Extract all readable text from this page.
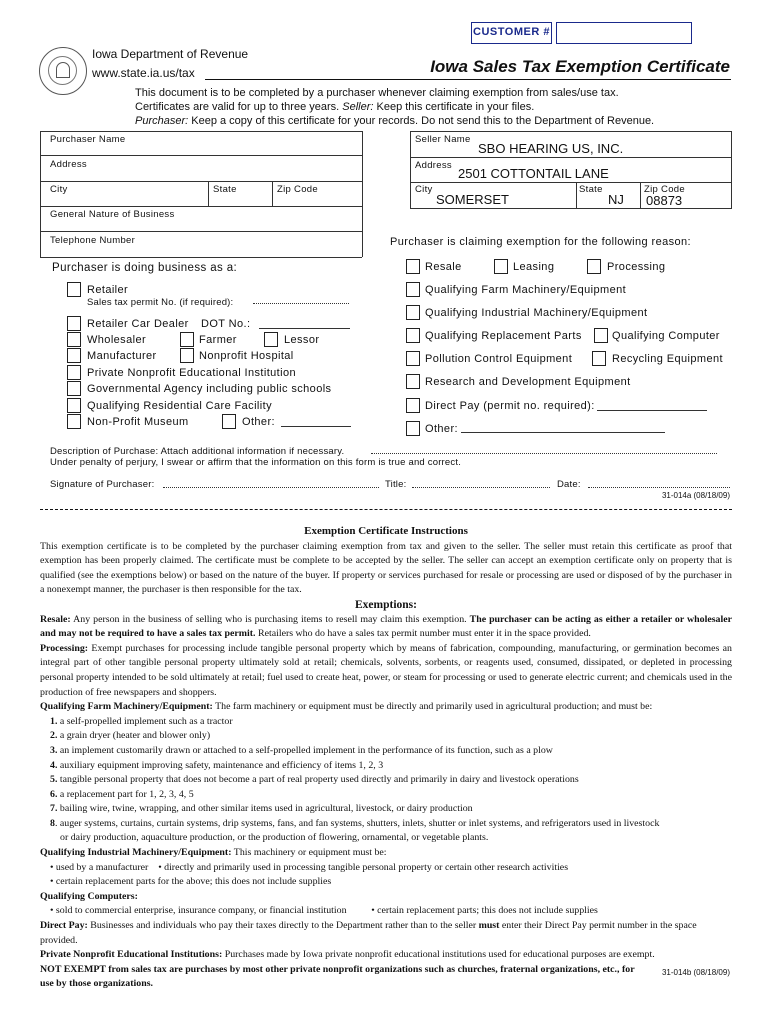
CUSTOMER #
Iowa Department of Revenue
www.state.ia.us/tax	Iowa Sales Tax Exemption Certificate
This document is to be completed by a purchaser whenever claiming exemption from sales/use tax.
Certificates are valid for up to three years. Seller: Keep this certificate in your files.
Purchaser: Keep a copy of this certificate for your records. Do not send this to the Department of Revenue.
Purchaser Name
Address
City	State	Zip Code
General Nature of Business
Telephone Number
Seller Name
SBO HEARING US, INC.
Address
2501 COTTONTAIL LANE
City
SOMERSET
State
NJ
Zip Code
08873
Purchaser is doing business as a:
Retailer
Sales tax permit No. (if required):
Retailer Car Dealer DOT No.:
Wholesaler	Farmer	Lessor
Manufacturer	Nonprofit Hospital
Private Nonprofit Educational Institution
Governmental Agency including public schools
Qualifying Residential Care Facility
Non-Profit Museum	Other:
Purchaser is claiming exemption for the following reason:
Resale	Leasing	Processing
Qualifying Farm Machinery/Equipment
Qualifying Industrial Machinery/Equipment
Qualifying Replacement Parts	Qualifying Computer
Pollution Control Equipment	Recycling Equipment
Research and Development Equipment
Direct Pay (permit no. required):
Other:
Description of Purchase: Attach additional information if necessary.
Under penalty of perjury, I swear or affirm that the information on this form is true and correct.
Signature of Purchaser:	Title:	Date:
31-014a (08/18/09)

Exemption Certificate Instructions

This exemption certificate is to be completed by the purchaser claiming exemption from tax and given to the seller. The seller must retain this certificate as proof that exemption has been properly claimed. The certificate must be complete to be accepted by the seller. The seller can accept an exemption certificate only on property that is qualified (see the exemptions below) or based on the nature of the buyer. If property or services purchased for resale or processing are used or disposed of by the purchaser in a nonexempt manner, the purchaser is then responsible for the tax.

Exemptions:

Resale: Any person in the business of selling who is purchasing items to resell may claim this exemption. The purchaser can be acting as either a retailer or wholesaler and may not be required to have a sales tax permit. Retailers who do have a sales tax permit number must enter it in the space provided.

Processing: Exempt purchases for processing include tangible personal property which by means of fabrication, compounding, manufacturing, or germination becomes an integral part of other tangible personal property ultimately sold at retail; chemicals, solvents, sorbents, or reagents used, consumed, dissipated, or depleted in processing personal property intended to be sold ultimately at retail; fuel used to create heat, power, or steam for processing or used to generate electric current; and chemicals used in the production of free newspapers and shoppers.

Qualifying Farm Machinery/Equipment: The farm machinery or equipment must be directly and primarily used in agricultural production; and must be:

1. a self-propelled implement such as a tractor

2. a grain dryer (heater and blower only)

3. an implement customarily drawn or attached to a self-propelled implement in the performance of its function, such as a plow

4. auxiliary equipment improving safety, maintenance and efficiency of items 1, 2, 3

5. tangible personal property that does not become a part of real property used directly and primarily in dairy and livestock operations

6. a replacement part for 1, 2, 3, 4, 5

7. bailing wire, twine, wrapping, and other similar items used in agricultural, livestock, or dairy production

8. auger systems, curtains, curtain systems, drip systems, fans, and fan systems, shutters, inlets, shutter or inlet systems, and refrigerators used in livestock

or dairy production, aquaculture production, or the production of flowering, ornamental, or vegetable plants.

Qualifying Industrial Machinery/Equipment: This machinery or equipment must be:

• used by a manufacturer • directly and primarily used in processing tangible personal property or certain other research activities

• certain replacement parts for the above; this does not include supplies

Qualifying Computers:

• sold to commercial enterprise, insurance company, or financial institution • certain replacement parts; this does not include supplies

Direct Pay: Businesses and individuals who pay their taxes directly to the Department rather than to the seller must enter their Direct Pay permit number in the space provided.

Private Nonprofit Educational Institutions: Purchases made by Iowa private nonprofit educational institutions used for educational purposes are exempt.

NOT EXEMPT from sales tax are purchases by most other private nonprofit organizations such as churches, fraternal organizations, etc., for use by those organizations.

31-014b (08/18/09)
